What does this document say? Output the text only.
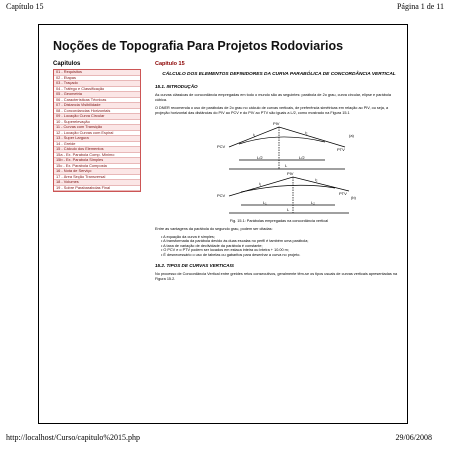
Capítulo 15	Página 1 de 11
Noções de Topografia Para Projetos Rodoviarios
Capitulos
01 - Requisitos
02 - Etapas
03 - Traçado
04 - Tráfego e Classificação
05 - Geometria
06 - Características Técnicas
07 - Distancia Visibilidade
08 - Concordancias Horizontais
09 - Locação Curva Circular
10 - Superelevação
11 - Curvas com Transição
12 - Locação Curvas com Espiral
13 - Super Largura
14 - Greide
15 - Cálculo dos Elementos
15a - Ex. Parabola Comp. Minimo
15b - Ex. Parabola Simples
15c - Ex. Parabola Composta
16 - Nota de Serviço
17 - Área Seção Transversal
18 - Volumes
19 - Sobre Parabarabolas Final
Capitulo 15
CÁLCULO DOS ELEMENTOS DEFINIDORES DA CURVA PARABÓLICA DE CONCORDÂNCIA VERTICAL
15.1. INTRODUÇÃO
As curvas clássicas de concordância empregadas em todo o mundo são as seguintes: parábola de 2o grau, curva circular, elipse e parábola cúbica.
O DNER recomenda o uso de parábolas de 2o grau no cálculo de curvas verticais, de preferência simétricas em relação ao PIV, ou seja, a projeção horizontal das distâncias do PIV ao PCV e do PIV ao PTV são iguais a L/2, como mostrado na Figura 15.1
PIV
PCV
PTV
i₁	i₂
L/2	L/2
L
(a)
PIV
PCV	PTV
i₁
i₂
L₁	L₂
L
(b)
Fig. 15.1: Parábolas empregadas na concordância vertical
Entre as vantagens da parábola do segundo grau, podem ser citadas:
• A equação da curva é simples;
• A transformada da parábola devido às duas escalas no perfil é também uma parábola;
• A taxa de variação de declividade da parábola é constante;
• O PCV e o PTV podem ser locados em estaca inteira ou inteira + 10.00 m;
• É desnecessário o uso de tabelas ou gabaritos para desenhar a curva no projeto.
15.2. TIPOS DE CURVAS VERTICAIS
No processo de Concordância Vertical entre greides retos consecutivos, geralmente têm-se os tipos usuais de curvas verticais apresentadas na Figura 15.2.
http://localhost/Curso/capitulo%2015.php	29/06/2008
